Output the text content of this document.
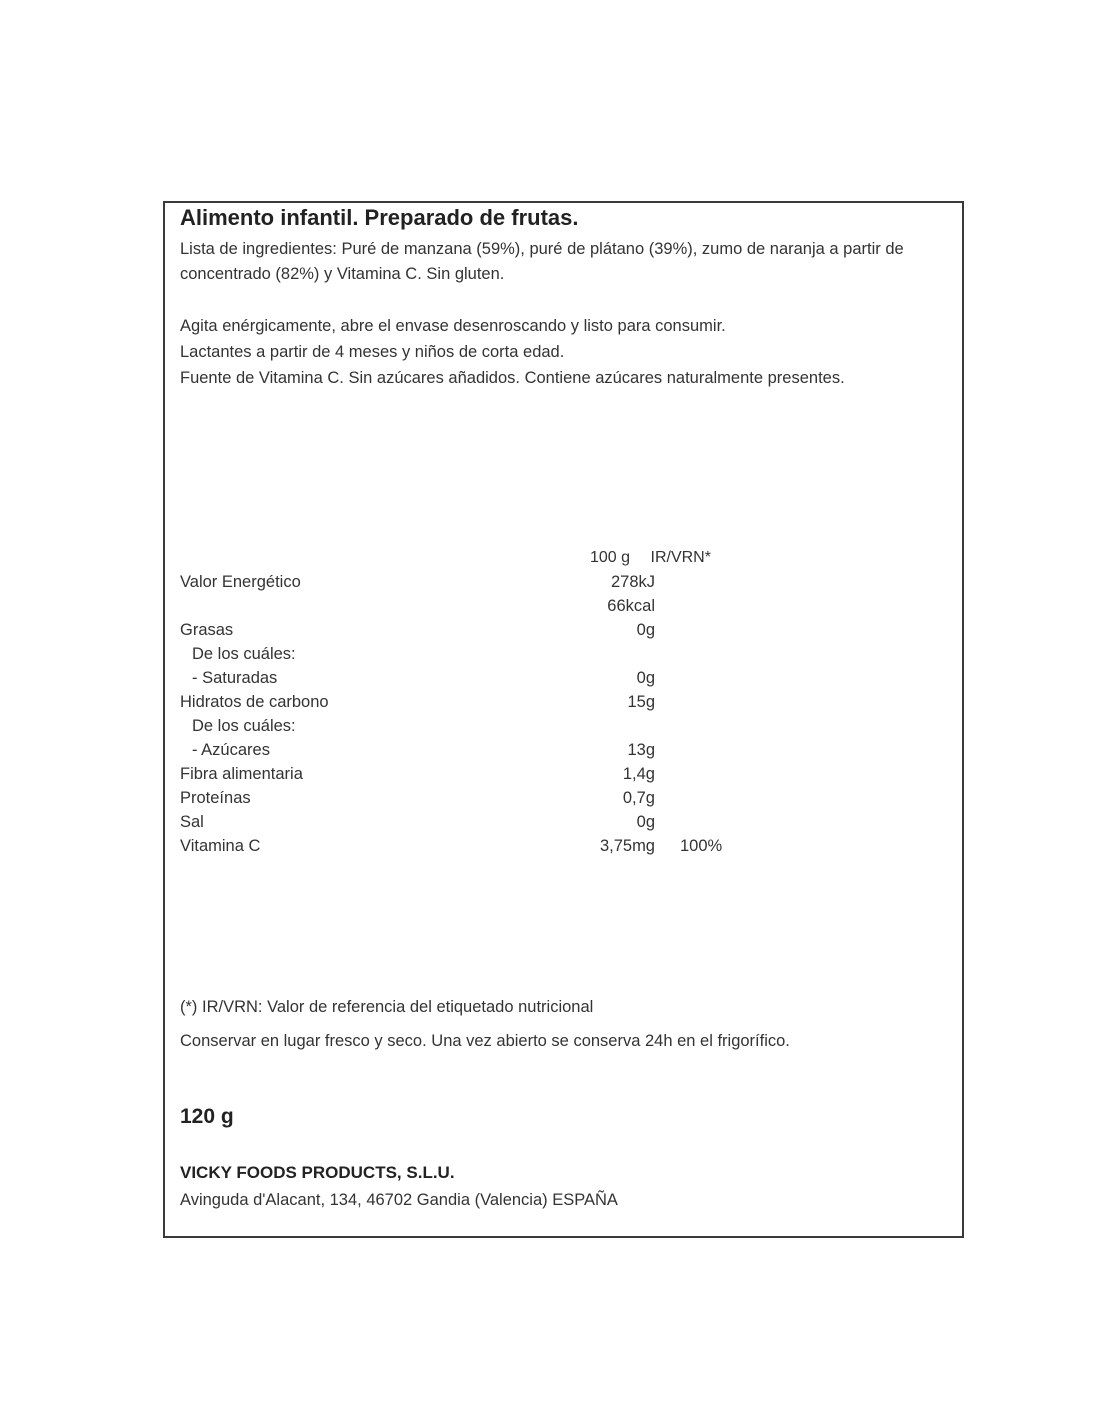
Alimento infantil. Preparado de frutas.
Lista de ingredientes: Puré de manzana (59%), puré de plátano (39%), zumo de naranja a partir de concentrado (82%) y Vitamina C. Sin gluten.
Agita enérgicamente, abre el envase desenroscando y listo para consumir.
Lactantes a partir de 4 meses y niños de corta edad.
Fuente de Vitamina C. Sin azúcares añadidos. Contiene azúcares naturalmente presentes.
100 g IR/VRN*
Valor Energético	278kJ
66kcal
Grasas	0g
De los cuáles:
- Saturadas	0g
Hidratos de carbono	15g
De los cuáles:
- Azúcares	13g
Fibra alimentaria	1,4g
Proteínas	0,7g
Sal	0g
Vitamina C	3,75mg 100%
(*) IR/VRN: Valor de referencia del etiquetado nutricional
Conservar en lugar fresco y seco. Una vez abierto se conserva 24h en el frigorífico.
120 g
VICKY FOODS PRODUCTS, S.L.U.
Avinguda d'Alacant, 134, 46702 Gandia (Valencia) ESPAÑA
